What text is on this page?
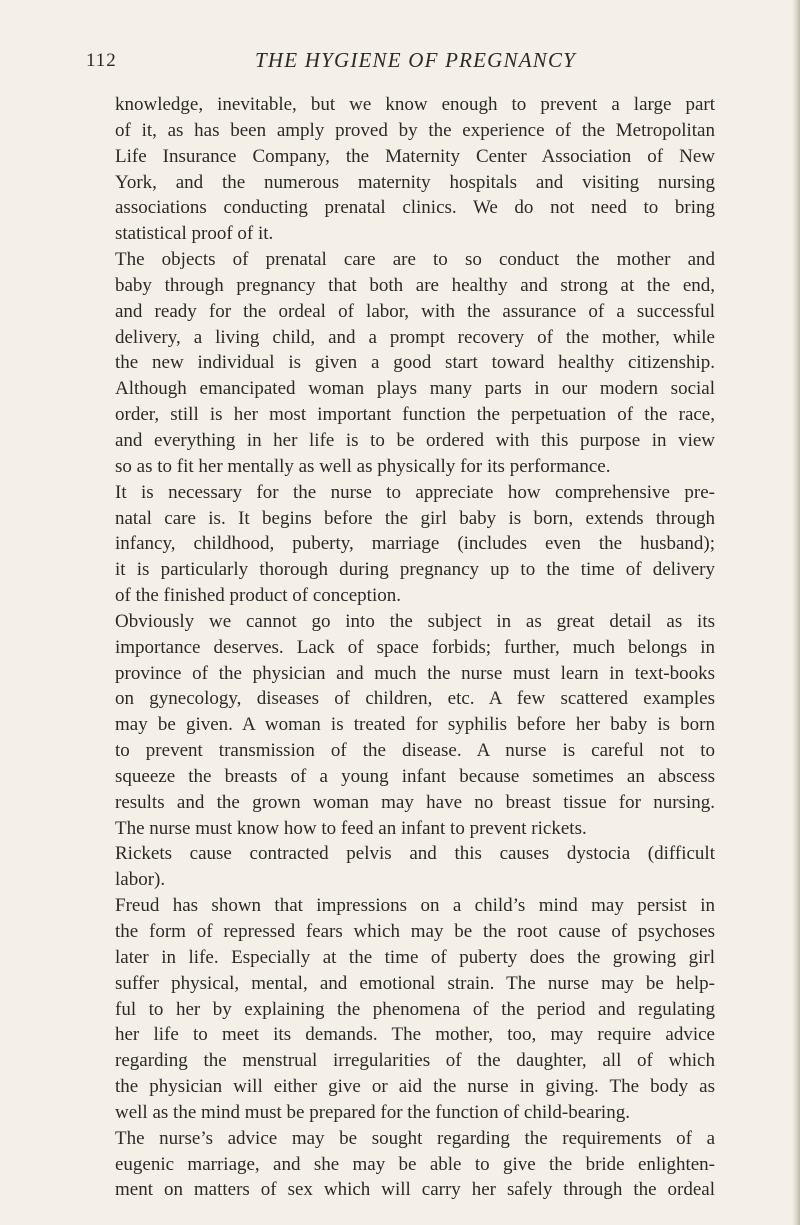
112	THE HYGIENE OF PREGNANCY
knowledge, inevitable, but we know enough to prevent a large part
of it, as has been amply proved by the experience of the Metropolitan
Life Insurance Company, the Maternity Center Association of New
York, and the numerous maternity hospitals and visiting nursing
associations conducting prenatal clinics. We do not need to bring
statistical proof of it.
The objects of prenatal care are to so conduct the mother and
baby through pregnancy that both are healthy and strong at the end,
and ready for the ordeal of labor, with the assurance of a successful
delivery, a living child, and a prompt recovery of the mother, while
the new individual is given a good start toward healthy citizenship.
Although emancipated woman plays many parts in our modern social
order, still is her most important function the perpetuation of the race,
and everything in her life is to be ordered with this purpose in view
so as to fit her mentally as well as physically for its performance.
It is necessary for the nurse to appreciate how comprehensive pre-
natal care is. It begins before the girl baby is born, extends through
infancy, childhood, puberty, marriage (includes even the husband);
it is particularly thorough during pregnancy up to the time of delivery
of the finished product of conception.
Obviously we cannot go into the subject in as great detail as its
importance deserves. Lack of space forbids; further, much belongs in
province of the physician and much the nurse must learn in text-books
on gynecology, diseases of children, etc. A few scattered examples
may be given. A woman is treated for syphilis before her baby is born
to prevent transmission of the disease. A nurse is careful not to
squeeze the breasts of a young infant because sometimes an abscess
results and the grown woman may have no breast tissue for nursing.
The nurse must know how to feed an infant to prevent rickets.
Rickets cause contracted pelvis and this causes dystocia (difficult
labor).
Freud has shown that impressions on a child’s mind may persist in
the form of repressed fears which may be the root cause of psychoses
later in life. Especially at the time of puberty does the growing girl
suffer physical, mental, and emotional strain. The nurse may be help-
ful to her by explaining the phenomena of the period and regulating
her life to meet its demands. The mother, too, may require advice
regarding the menstrual irregularities of the daughter, all of which
the physician will either give or aid the nurse in giving. The body as
well as the mind must be prepared for the function of child-bearing.
The nurse’s advice may be sought regarding the requirements of a
eugenic marriage, and she may be able to give the bride enlighten-
ment on matters of sex which will carry her safely through the ordeal
